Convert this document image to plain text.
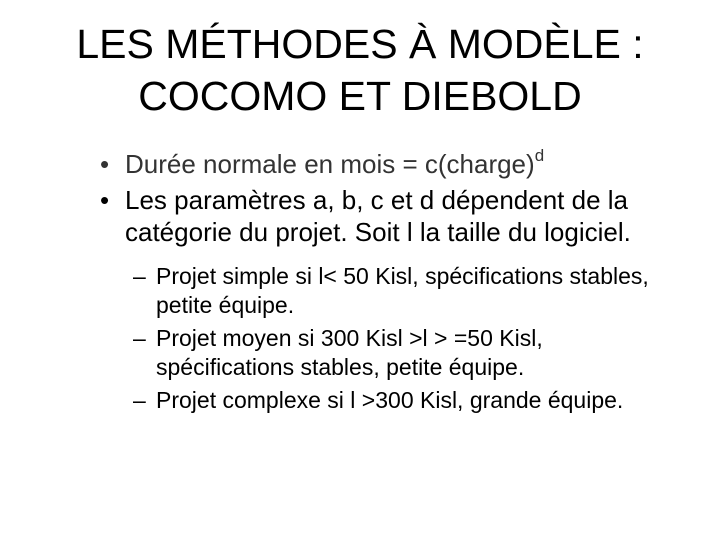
LES MÉTHODES À MODÈLE :
COCOMO ET DIEBOLD
• Durée normale en mois = c(charge)$^d$
• Les paramètres a, b, c et d dépendent de la catégorie du projet. Soit l la taille du logiciel.
– Projet simple si l< 50 Kisl, spécifications stables, petite équipe.
– Projet moyen si 300 Kisl >l > =50 Kisl, spécifications stables, petite équipe.
– Projet complexe si l >300 Kisl, grande équipe.
